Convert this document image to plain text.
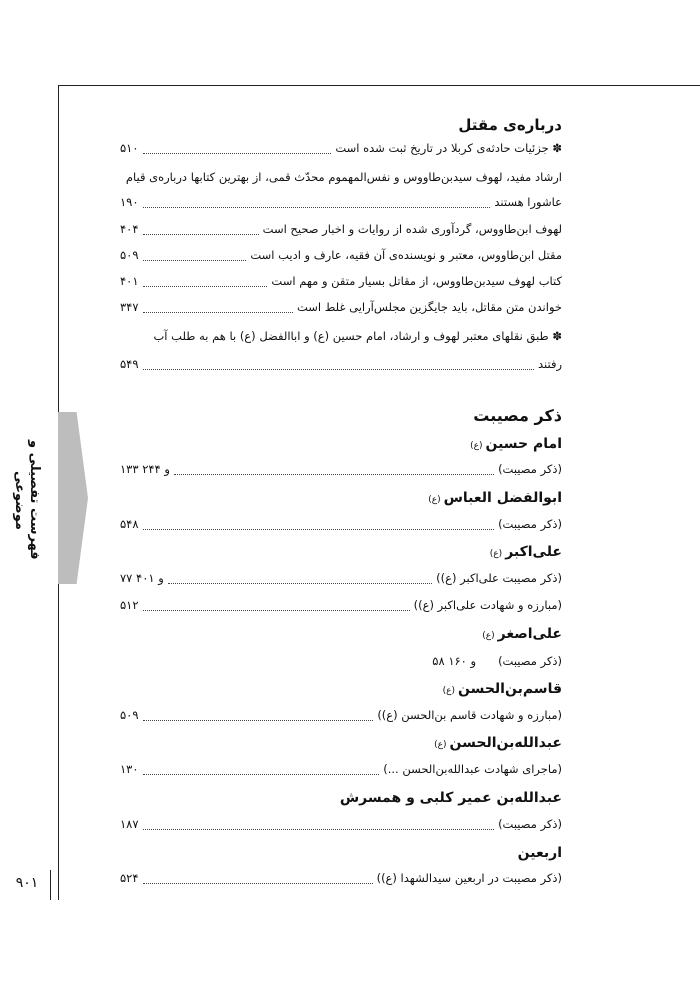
فهرست تفصیلی و موضوعی
۹۰۱
درباره‌ی مقتل
✽ جزئیات حادثه‌ی کربلا در تاریخ ثبت شده است
۵۱۰
ارشاد مفید، لهوف سیدبن‌طاووس و نفس‌المهموم محدّث قمی، از بهترین کتابها درباره‌ی قیام
عاشورا هستند
۱۹۰
لهوف ابن‌طاووس، گردآوری شده از روایات و اخبار صحیح است
۴۰۴
مقتل ابن‌طاووس، معتبر و نویسنده‌ی آن فقیه، عارف و ادیب است
۵۰۹
کتاب لهوف سیدبن‌طاووس، از مقاتل بسیار متقن و مهم است
۴۰۱
خواندن متن مقاتل، باید جایگزین مجلس‌آرایی غلط است
۳۴۷
✽ طبق نقلهای معتبر لهوف و ارشاد، امام حسین (ع) و اباالفضل (ع) با هم به طلب آب
رفتند
۵۴۹
ذکر مصیبت
امام حسین(ع)
(ذکر مصیبت)
۱۳۳ و ۲۴۴
ابوالفضل العباس(ع)
(ذکر مصیبت)
۵۴۸
علی‌اکبر(ع)
(ذکر مصیبت علی‌اکبر (ع))
۷۷ و ۴۰۱
(مبارزه و شهادت علی‌اکبر (ع))
۵۱۲
علی‌اصغر(ع)
(ذکر مصیبت)
۵۸ و ۱۶۰
قاسم‌بن‌الحسن(ع)
(مبارزه و شهادت قاسم بن‌الحسن (ع))
۵۰۹
عبدالله‌بن‌الحسن(ع)
(ماجرای شهادت عبدالله‌بن‌الحسن ...)
۱۳۰
عبدالله‌بن عمیر کلبی و همسرش
(ذکر مصیبت)
۱۸۷
اربعین
(ذکر مصیبت در اربعین سیدالشهدا (ع))
۵۲۴
